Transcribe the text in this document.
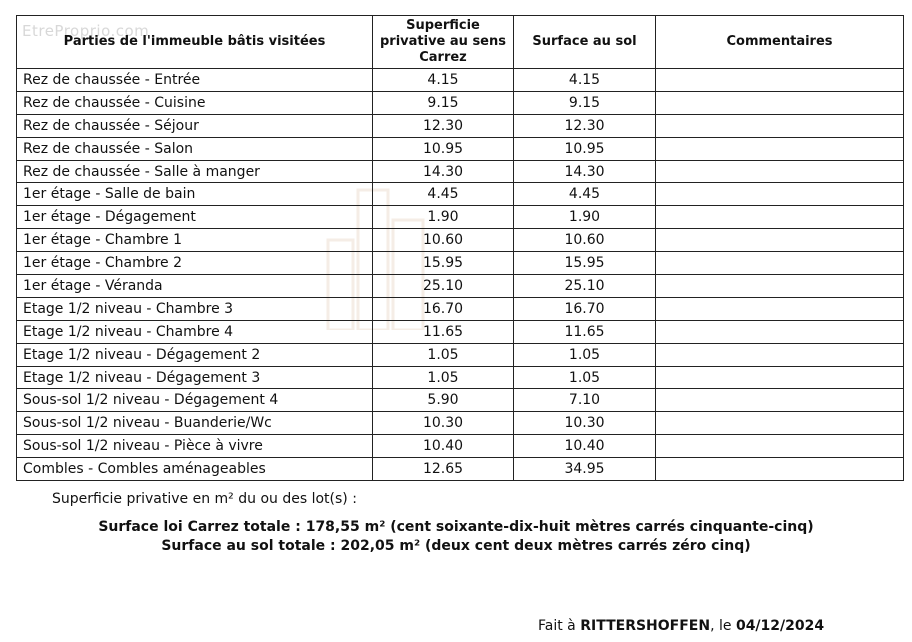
EtreProprio.com
Parties de l'immeuble bâtis visitées	Superficie privative au sens Carrez	Surface au sol	Commentaires
Rez de chaussée - Entrée	4.15	4.15	
Rez de chaussée - Cuisine	9.15	9.15	
Rez de chaussée - Séjour	12.30	12.30	
Rez de chaussée - Salon	10.95	10.95	
Rez de chaussée - Salle à manger	14.30	14.30	
1er étage - Salle de bain	4.45	4.45	
1er étage - Dégagement	1.90	1.90	
1er étage - Chambre 1	10.60	10.60	
1er étage - Chambre 2	15.95	15.95	
1er étage - Véranda	25.10	25.10	
Etage 1/2 niveau - Chambre 3	16.70	16.70	
Etage 1/2 niveau - Chambre 4	11.65	11.65	
Etage 1/2 niveau - Dégagement 2	1.05	1.05	
Etage 1/2 niveau - Dégagement 3	1.05	1.05	
Sous-sol 1/2 niveau - Dégagement 4	5.90	7.10	
Sous-sol 1/2 niveau - Buanderie/Wc	10.30	10.30	
Sous-sol 1/2 niveau - Pièce à vivre	10.40	10.40	
Combles - Combles aménageables	12.65	34.95	
Superficie privative en m² du ou des lot(s) :
Surface loi Carrez totale : 178,55 m² (cent soixante-dix-huit mètres carrés cinquante-cinq)
Surface au sol totale : 202,05 m² (deux cent deux mètres carrés zéro cinq)
Fait à RITTERSHOFFEN, le 04/12/2024
